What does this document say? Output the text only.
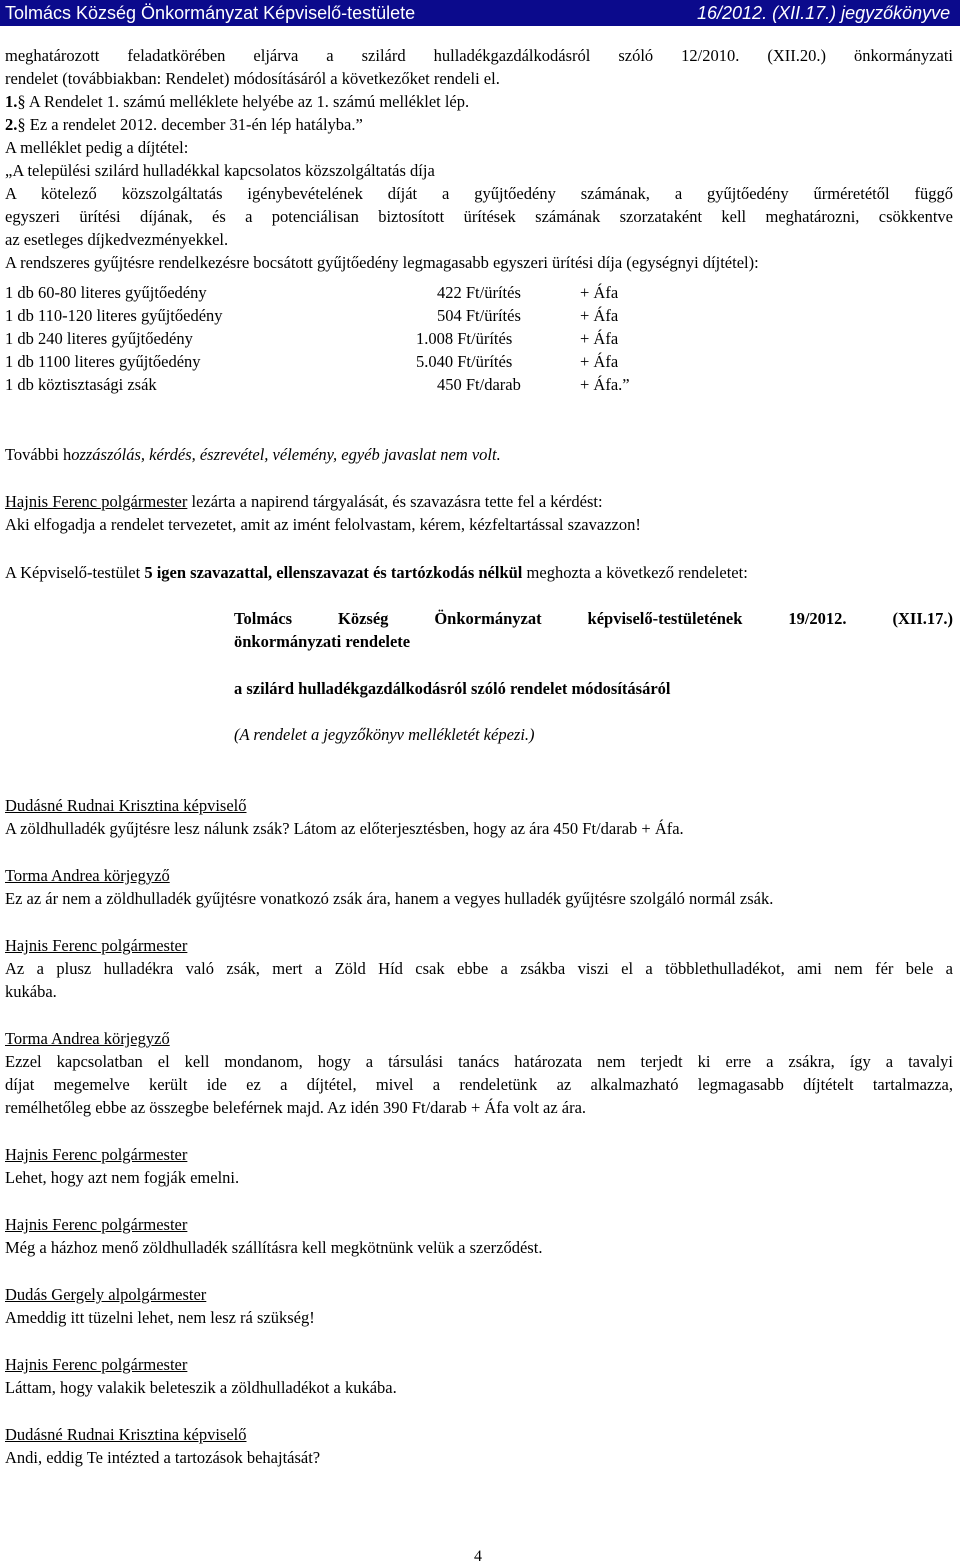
Tolmács Község Önkormányzat Képviselő-testülete	16/2012. (XII.17.) jegyzőkönyve
meghatározott feladatkörében eljárva a szilárd hulladékgazdálkodásról szóló 12/2010. (XII.20.) önkormányzati
rendelet (továbbiakban: Rendelet) módosításáról a következőket rendeli el.
1.§ A Rendelet 1. számú melléklete helyébe az 1. számú melléklet lép.
2.§ Ez a rendelet 2012. december 31-én lép hatályba.”
A melléklet pedig a díjtétel:
„A települési szilárd hulladékkal kapcsolatos közszolgáltatás díja
A kötelező közszolgáltatás igénybevételének díját a gyűjtőedény számának, a gyűjtőedény űrméretétől függő
egyszeri ürítési díjának, és a potenciálisan biztosított ürítések számának szorzataként kell meghatározni, csökkentve
az esetleges díjkedvezményekkel.
A rendszeres gyűjtésre rendelkezésre bocsátott gyűjtőedény legmagasabb egyszeri ürítési díja (egységnyi díjtétel):
1 db 60-80 literes gyűjtőedény	422 Ft/ürítés	+ Áfa
1 db 110-120 literes gyűjtőedény	504 Ft/ürítés	+ Áfa
1 db 240 literes gyűjtőedény	1.008 Ft/ürítés	+ Áfa
1 db 1100 literes gyűjtőedény	5.040 Ft/ürítés	+ Áfa
1 db köztisztasági zsák	450 Ft/darab	+ Áfa.”
További hozzászólás, kérdés, észrevétel, vélemény, egyéb javaslat nem volt.
Hajnis Ferenc polgármester lezárta a napirend tárgyalását, és szavazásra tette fel a kérdést:
Aki elfogadja a rendelet tervezetet, amit az imént felolvastam, kérem, kézfeltartással szavazzon!
A Képviselő-testület 5 igen szavazattal, ellenszavazat és tartózkodás nélkül meghozta a következő rendeletet:
Tolmács Község Önkormányzat képviselő-testületének 19/2012. (XII.17.)
önkormányzati rendelete
a szilárd hulladékgazdálkodásról szóló rendelet módosításáról
(A rendelet a jegyzőkönyv mellékletét képezi.)
Dudásné Rudnai Krisztina képviselő
A zöldhulladék gyűjtésre lesz nálunk zsák? Látom az előterjesztésben, hogy az ára 450 Ft/darab + Áfa.
Torma Andrea körjegyző
Ez az ár nem a zöldhulladék gyűjtésre vonatkozó zsák ára, hanem a vegyes hulladék gyűjtésre szolgáló normál zsák.
Hajnis Ferenc polgármester
Az a plusz hulladékra való zsák, mert a Zöld Híd csak ebbe a zsákba viszi el a többlethulladékot, ami nem fér bele a
kukába.
Torma Andrea körjegyző
Ezzel kapcsolatban el kell mondanom, hogy a társulási tanács határozata nem terjedt ki erre a zsákra, így a tavalyi
díjat megemelve került ide ez a díjtétel, mivel a rendeletünk az alkalmazható legmagasabb díjtételt tartalmazza,
remélhetőleg ebbe az összegbe beleférnek majd. Az idén 390 Ft/darab + Áfa volt az ára.
Hajnis Ferenc polgármester
Lehet, hogy azt nem fogják emelni.
Hajnis Ferenc polgármester
Még a házhoz menő zöldhulladék szállításra kell megkötnünk velük a szerződést.
Dudás Gergely alpolgármester
Ameddig itt tüzelni lehet, nem lesz rá szükség!
Hajnis Ferenc polgármester
Láttam, hogy valakik beleteszik a zöldhulladékot a kukába.
Dudásné Rudnai Krisztina képviselő
Andi, eddig Te intézted a tartozások behajtását?
4
